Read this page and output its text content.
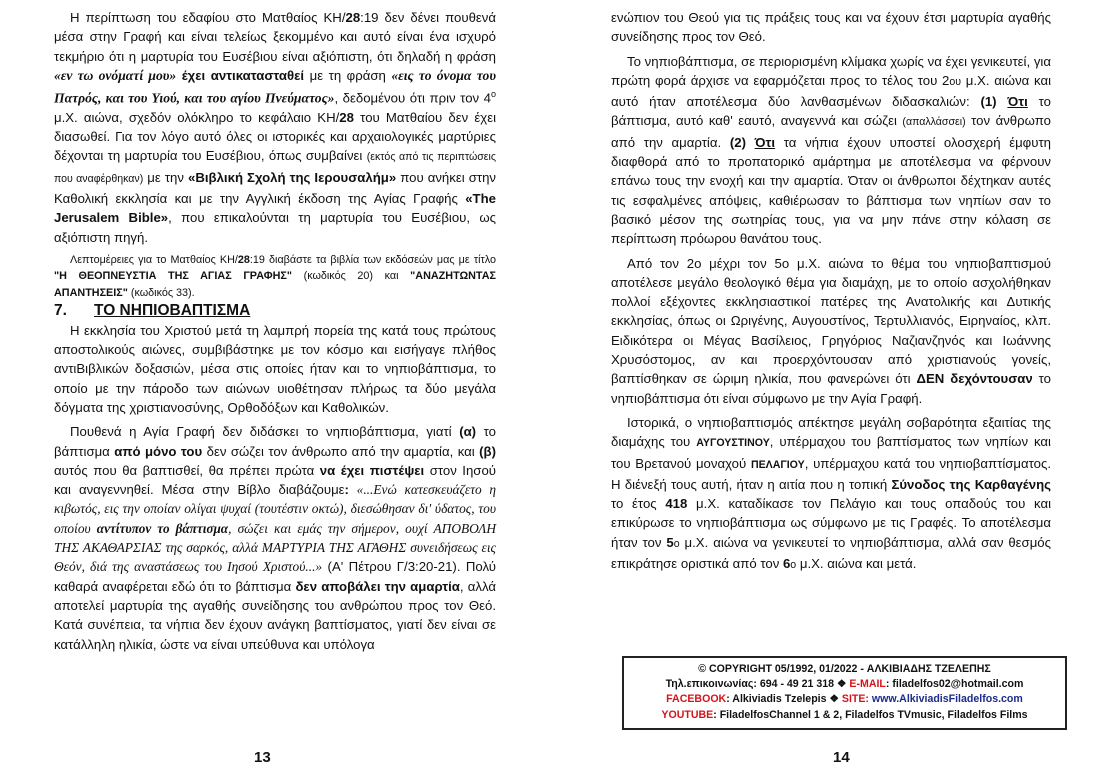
Η περίπτωση του εδαφίου στο Ματθαίος ΚΗ/28:19 δεν δένει πουθενά μέσα στην Γραφή και είναι τελείως ξεκομμένο και αυτό είναι ένα ισχυρό τεκμήριο ότι η μαρτυρία του Ευσέβιου είναι αξιόπιστη, ότι δηλαδή η φράση «εν τω ονόματί μου» έχει αντικατασταθεί με τη φράση «εις το όνομα του Πατρός, και του Υιού, και του αγίου Πνεύματος», δεδομένου ότι πριν τον $4^o$ μ.Χ. αιώνα, σχεδόν ολόκληρο το κεφάλαιο ΚΗ/28 του Ματθαίου δεν έχει διασωθεί. Για τον λόγο αυτό όλες οι ιστορικές και αρχαιολογικές μαρτύριες δέχονται τη μαρτυρία του Ευσέβιου, όπως συμβαίνει (εκτός από τις περιπτώσεις που αναφέρθηκαν) με την «Βιβλική Σχολή της Ιερουσαλήμ» που ανήκει στην Καθολική εκκλησία και με την Αγγλική έκδοση της Αγίας Γραφής «The Jerusalem Bible», που επικαλούνται τη μαρτυρία του Ευσέβιου, ως αξιόπιστη πηγή.

Λεπτομέρειες για το Ματθαίος ΚΗ/28:19 διαβάστε τα βιβλία των εκδόσεών μας με τίτλο "Η ΘΕΟΠΝΕΥΣΤΙΑ ΤΗΣ ΑΓΙΑΣ ΓΡΑΦΗΣ" (κωδικός 20) και "ΑΝΑΖΗΤΩΝΤΑΣ ΑΠΑΝΤΗΣΕΙΣ" (κωδικός 33).

7. ΤΟ ΝΗΠΙΟΒΑΠΤΙΣΜΑ

Η εκκλησία του Χριστού μετά τη λαμπρή πορεία της κατά τους πρώτους αποστολικούς αιώνες, συμβιβάστηκε με τον κόσμο και εισήγαγε πλήθος αντιΒιβλικών δοξασιών, μέσα στις οποίες ήταν και το νηπιοβάπτισμα, το οποίο με την πάροδο των αιώνων υιοθέτησαν πλήρως τα δύο μεγάλα δόγματα της χριστιανοσύνης, Ορθοδόξων και Καθολικών.

Πουθενά η Αγία Γραφή δεν διδάσκει το νηπιοβάπτισμα, γιατί (α) το βάπτισμα από μόνο του δεν σώζει τον άνθρωπο από την αμαρτία, και (β) αυτός που θα βαπτισθεί, θα πρέπει πρώτα να έχει πιστέψει στον Ιησού και αναγεννηθεί. Μέσα στην Βίβλο διαβάζουμε: «...Ενώ κατεσκευάζετο η κιβωτός, εις την οποίαν ολίγαι ψυχαί (τουτέστιν οκτώ), διεσώθησαν δι' ύδατος, του οποίου αντίτυπον το βάπτισμα, σώζει και εμάς την σήμερον, ουχί ΑΠΟΒΟΛΗ ΤΗΣ ΑΚΑΘΑΡΣΙΑΣ της σαρκός, αλλά ΜΑΡΤΥΡΙΑ ΤΗΣ ΑΓΑΘΗΣ συνειδήσεως εις Θεόν, διά της αναστάσεως του Ιησού Χριστού...» (Α' Πέτρου Γ/3:20-21). Πολύ καθαρά αναφέρεται εδώ ότι το βάπτισμα δεν αποβάλει την αμαρτία, αλλά αποτελεί μαρτυρία της αγαθής συνείδησης του ανθρώπου προς τον Θεό. Κατά συνέπεια, τα νήπια δεν έχουν ανάγκη βαπτίσματος, γιατί δεν είναι σε κατάλληλη ηλικία, ώστε να είναι υπεύθυνα και υπόλογα

13

ενώπιον του Θεού για τις πράξεις τους και να έχουν έτσι μαρτυρία αγαθής συνείδησης προς τον Θεό.

Το νηπιοβάπτισμα, σε περιορισμένη κλίμακα χωρίς να έχει γενικευτεί, για πρώτη φορά άρχισε να εφαρμόζεται προς το τέλος του 2ου μ.Χ. αιώνα και αυτό ήταν αποτέλεσμα δύο λανθασμένων διδασκαλιών: (1) Ότι το βάπτισμα, αυτό καθ' εαυτό, αναγεννά και σώζει (απαλλάσσει) τον άνθρωπο από την αμαρτία. (2) Ότι τα νήπια έχουν υποστεί ολοσχερή έμφυτη διαφθορά από το προπατορικό αμάρτημα με αποτέλεσμα να φέρνουν επάνω τους την ενοχή και την αμαρτία. Όταν οι άνθρωποι δέχτηκαν αυτές τις εσφαλμένες απόψεις, καθιέρωσαν το βάπτισμα των νηπίων σαν το βασικό μέσον της σωτηρίας τους, για να μην πάνε στην κόλαση σε περίπτωση πρόωρου θανάτου τους.

Από τον 2ο μέχρι τον 5ο μ.Χ. αιώνα το θέμα του νηπιοβαπτισμού αποτέλεσε μεγάλο θεολογικό θέμα για διαμάχη, με το οποίο ασχολήθηκαν πολλοί εξέχοντες εκκλησιαστικοί πατέρες της Ανατολικής και Δυτικής εκκλησίας, όπως οι Ωριγένης, Αυγουστίνος, Τερτυλλιανός, Ειρηναίος, κλπ. Ειδικότερα οι Μέγας Βασίλειος, Γρηγόριος Ναζιανζηνός και Ιωάννης Χρυσόστομος, αν και προερχόντουσαν από χριστιανούς γονείς, βαπτίσθηκαν σε ώριμη ηλικία, που φανερώνει ότι ΔΕΝ δεχόντουσαν το νηπιοβάπτισμα ότι είναι σύμφωνο με την Αγία Γραφή.

Ιστορικά, ο νηπιοβαπτισμός απέκτησε μεγάλη σοβαρότητα εξαιτίας της διαμάχης του ΑΥΓΟΥΣΤΙΝΟΥ, υπέρμαχου του βαπτίσματος των νηπίων και του Βρετανού μοναχού ΠΕΛΑΓΙΟΥ, υπέρμαχου κατά του νηπιοβαπτίσματος. Η διένεξή τους αυτή, ήταν η αιτία που η τοπική Σύνοδος της Καρθαγένης το έτος 418 μ.Χ. καταδίκασε τον Πελάγιο και τους οπαδούς του και επικύρωσε το νηπιοβάπτισμα ως σύμφωνο με τις Γραφές. Το αποτέλεσμα ήταν τον 5ο μ.Χ. αιώνα να γενικευτεί το νηπιοβάπτισμα, αλλά σαν θεσμός επικράτησε οριστικά από τον 6ο μ.Χ. αιώνα και μετά.

© COPYRIGHT 05/1992, 01/2022 - ΑΛΚΙΒΙΑΔΗΣ ΤΖΕΛΕΠΗΣ
Τηλ.επικοινωνίας: 694 - 49 21 318 ❖ E-MAIL: filadelfos02@hotmail.com
FACEBOOK: Alkiviadis Tzelepis ❖ SITE: www.AlkiviadisFiladelfos.com
YOUTUBE: FiladelfosChannel 1 & 2, Filadelfos TVmusic, Filadelfos Films
14
